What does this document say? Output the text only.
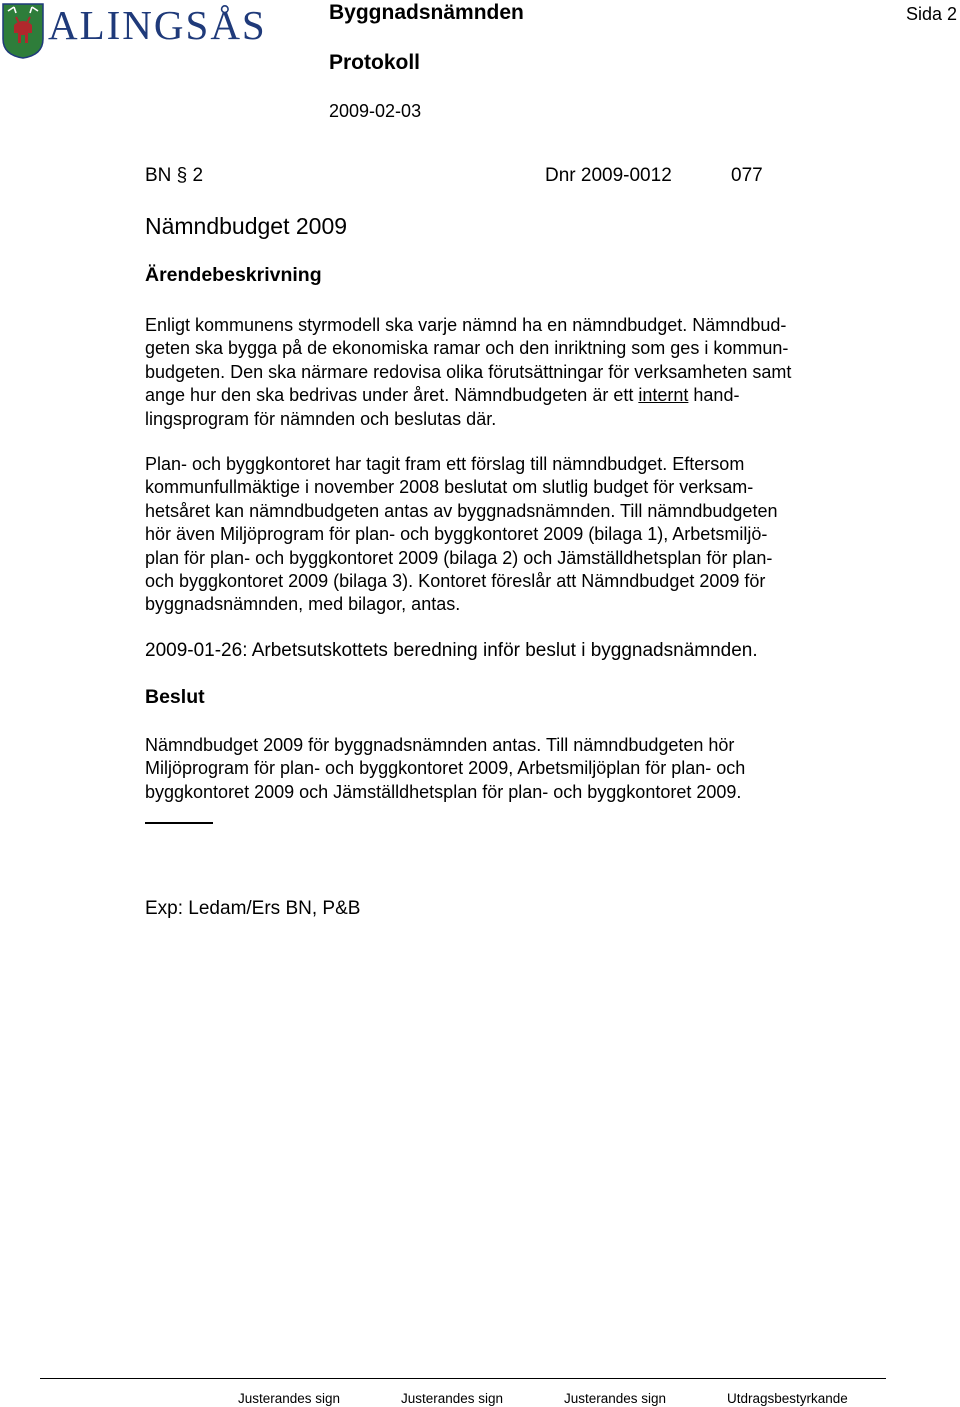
ALINGSÅS	Byggnadsnämnden	Sida 2
Protokoll
2009-02-03
BN § 2	Dnr 2009-0012	077
Nämndbudget 2009
Ärendebeskrivning
Enligt kommunens styrmodell ska varje nämnd ha en nämndbudget. Nämndbud-
geten ska bygga på de ekonomiska ramar och den inriktning som ges i kommun-
budgeten. Den ska närmare redovisa olika förutsättningar för verksamheten samt
ange hur den ska bedrivas under året. Nämndbudgeten är ett internt hand-
lingsprogram för nämnden och beslutas där.
Plan- och byggkontoret har tagit fram ett förslag till nämndbudget. Eftersom
kommunfullmäktige i november 2008 beslutat om slutlig budget för verksam-
hetsåret kan nämndbudgeten antas av byggnadsnämnden. Till nämndbudgeten
hör även Miljöprogram för plan- och byggkontoret 2009 (bilaga 1), Arbetsmiljö-
plan för plan- och byggkontoret 2009 (bilaga 2) och Jämställdhetsplan för plan-
och byggkontoret 2009 (bilaga 3). Kontoret föreslår att Nämndbudget 2009 för
byggnadsnämnden, med bilagor, antas.
2009-01-26: Arbetsutskottets beredning inför beslut i byggnadsnämnden.
Beslut
Nämndbudget 2009 för byggnadsnämnden antas. Till nämndbudgeten hör
Miljöprogram för plan- och byggkontoret 2009, Arbetsmiljöplan för plan- och
byggkontoret 2009 och Jämställdhetsplan för plan- och byggkontoret 2009.
Exp: Ledam/Ers BN, P&B
Justerandes sign	Justerandes sign	Justerandes sign	Utdragsbestyrkande
